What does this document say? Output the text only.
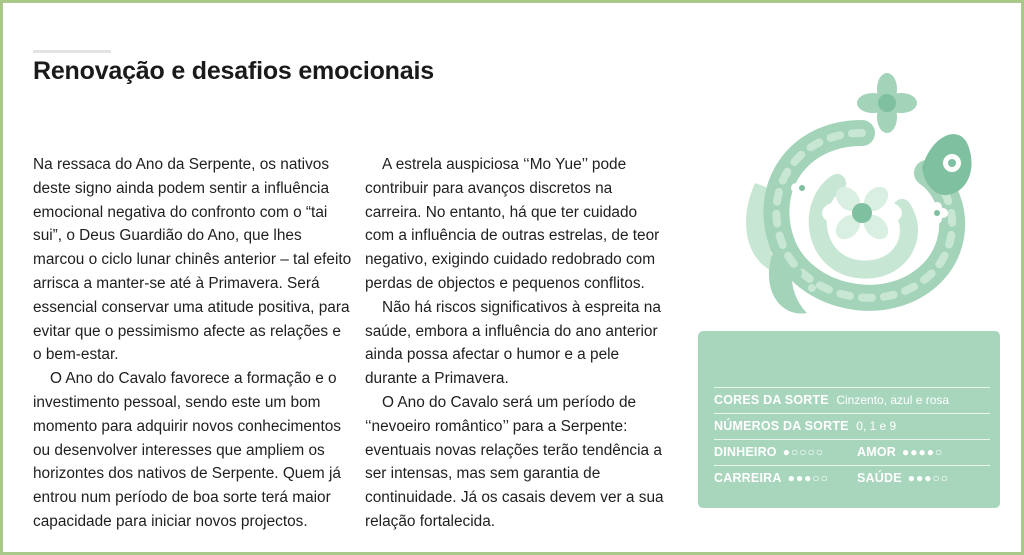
Renovação e desafios emocionais

Na ressaca do Ano da Serpente, os nativos deste signo ainda podem sentir a influência emocional negativa do confronto com o “tai sui”, o Deus Guardião do Ano, que lhes marcou o ciclo lunar chinês anterior – tal efeito arrisca a manter-se até à Primavera. Será essencial conservar uma atitude positiva, para evitar que o pessimismo afecte as relações e o bem-estar.

O Ano do Cavalo favorece a formação e o investimento pessoal, sendo este um bom momento para adquirir novos conhecimentos ou desenvolver interesses que ampliem os horizontes dos nativos de Serpente. Quem já entrou num período de boa sorte terá maior capacidade para iniciar novos projectos.

A estrela auspiciosa ‘‘Mo Yue’’ pode contribuir para avanços discretos na carreira. No entanto, há que ter cuidado com a influência de outras estrelas, de teor negativo, exigindo cuidado redobrado com perdas de objectos e pequenos conflitos.

Não há riscos significativos à espreita na saúde, embora a influência do ano anterior ainda possa afectar o humor e a pele durante a Primavera.

O Ano do Cavalo será um período de ‘‘nevoeiro romântico’’ para a Serpente: eventuais novas relações terão tendência a ser intensas, mas sem garantia de continuidade. Já os casais devem ver a sua relação fortalecida.

CORES DA SORTE Cinzento, azul e rosa
NÚMEROS DA SORTE 0, 1 e 9
DINHEIRO ●○○○○	AMOR ●●●●○
CARREIRA ●●●○○ SAÚDE ●●●○○
